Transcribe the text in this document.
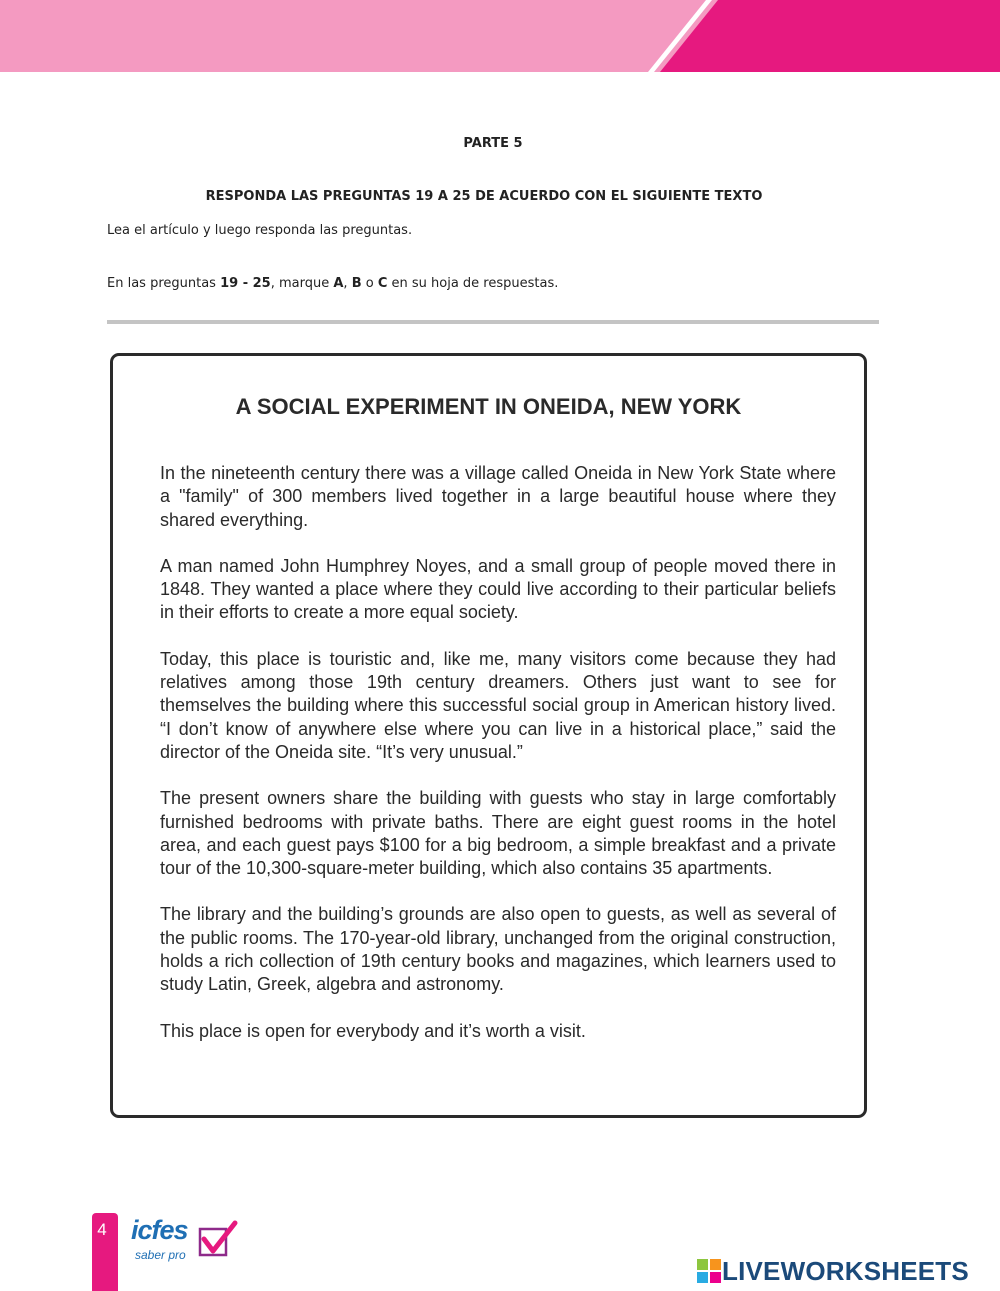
PARTE 5
RESPONDA LAS PREGUNTAS 19 A 25 DE ACUERDO CON EL SIGUIENTE TEXTO
Lea el artículo y luego responda las preguntas.
En las preguntas 19 - 25, marque A, B o C en su hoja de respuestas.
A SOCIAL EXPERIMENT IN ONEIDA, NEW YORK

In the nineteenth century there was a village called Oneida in New York State where a "family" of 300 members lived together in a large beautiful house where they shared everything.

A man named John Humphrey Noyes, and a small group of people moved there in 1848. They wanted a place where they could live according to their particular beliefs in their efforts to create a more equal society.

Today, this place is touristic and, like me, many visitors come because they had relatives among those 19th century dreamers. Others just want to see for themselves the building where this successful social group in American history lived. “I don’t know of anywhere else where you can live in a historical place,” said the director of the Oneida site. “It’s very unusual.”

The present owners share the building with guests who stay in large comfortably furnished bedrooms with private baths. There are eight guest rooms in the hotel area, and each guest pays $100 for a big bedroom, a simple breakfast and a private tour of the 10,300-square-meter building, which also contains 35 apartments.

The library and the building’s grounds are also open to guests, as well as several of the public rooms. The 170-year-old library, unchanged from the original construction, holds a rich collection of 19th century books and magazines, which learners used to study Latin, Greek, algebra and astronomy.

This place is open for everybody and it’s worth a visit.

4 icfes
saber pro
LIVEWORKSHEETS
